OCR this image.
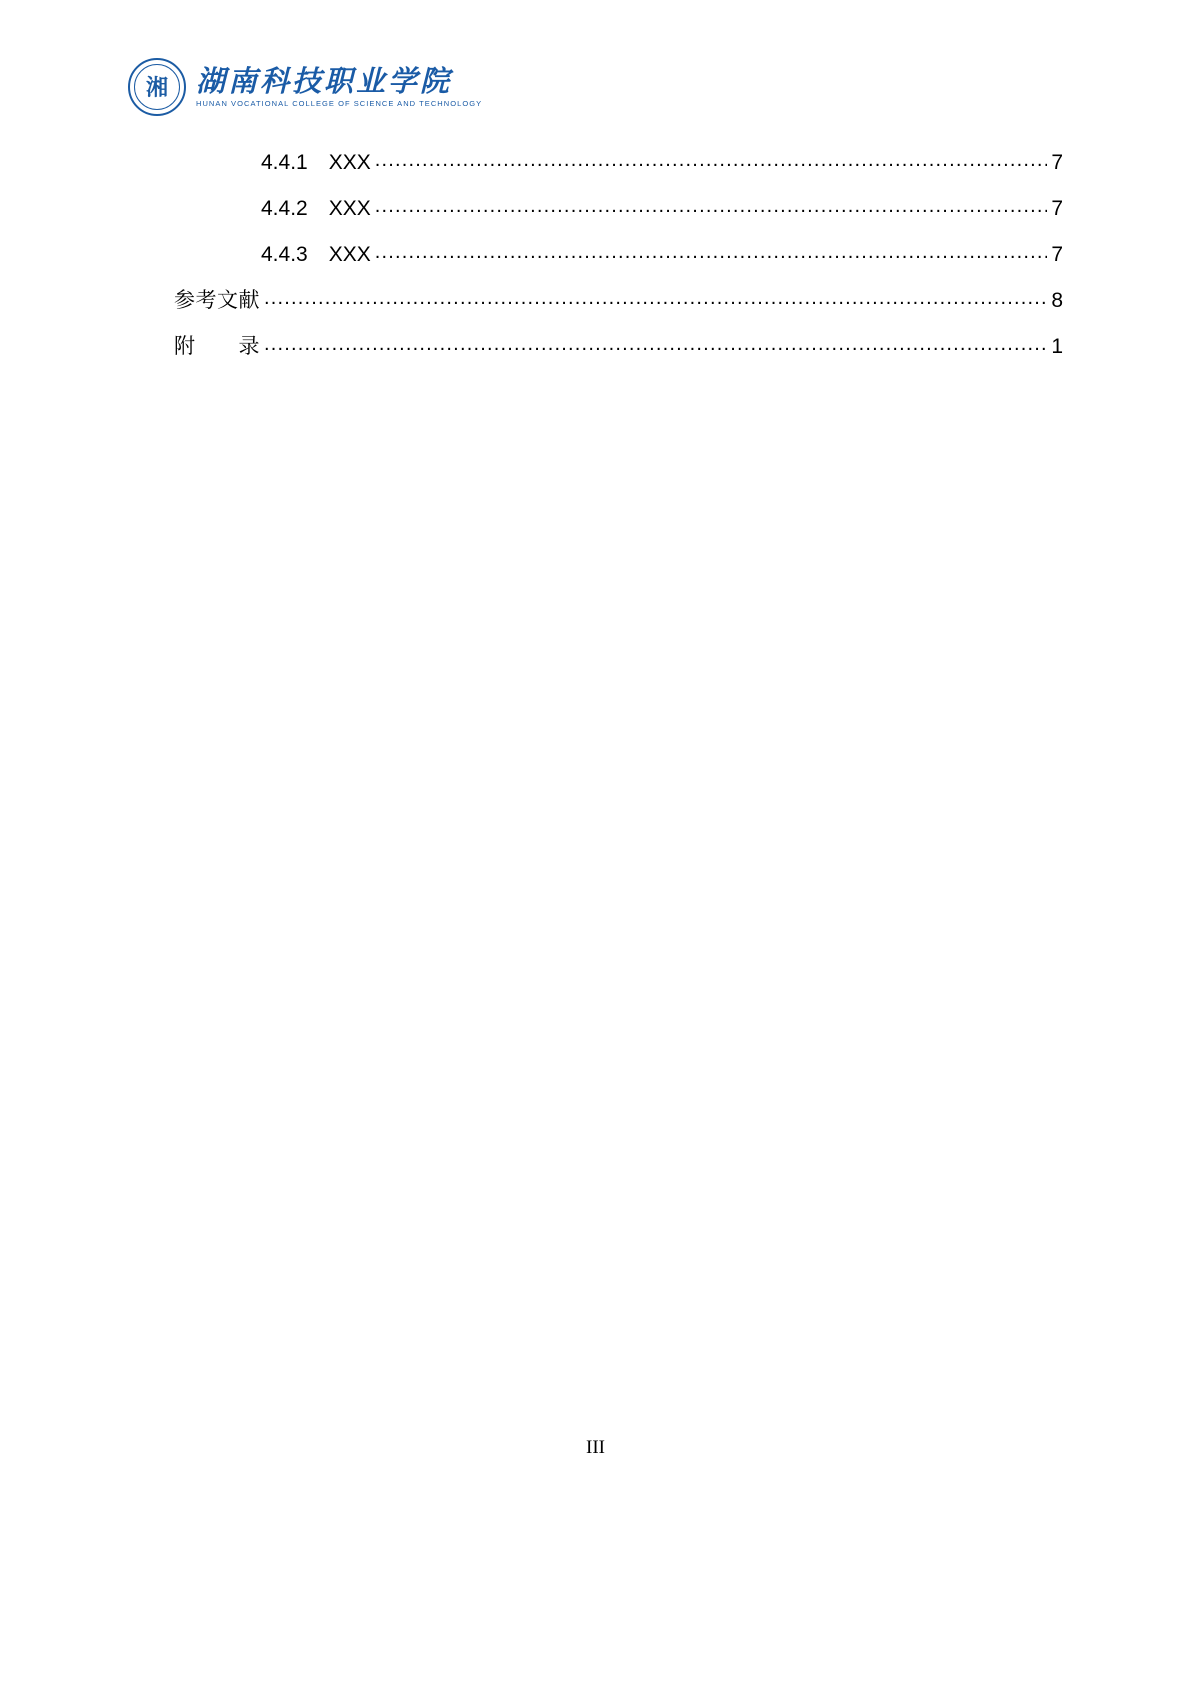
湘 湖南科技职业学院
HUNAN VOCATIONAL COLLEGE OF SCIENCE AND TECHNOLOGY
4.4.1 XXX .....	7
4.4.2 XXX .....	7
4.4.3 XXX .....	7
参考文献 .....	8
附　　录 .....	1
III
